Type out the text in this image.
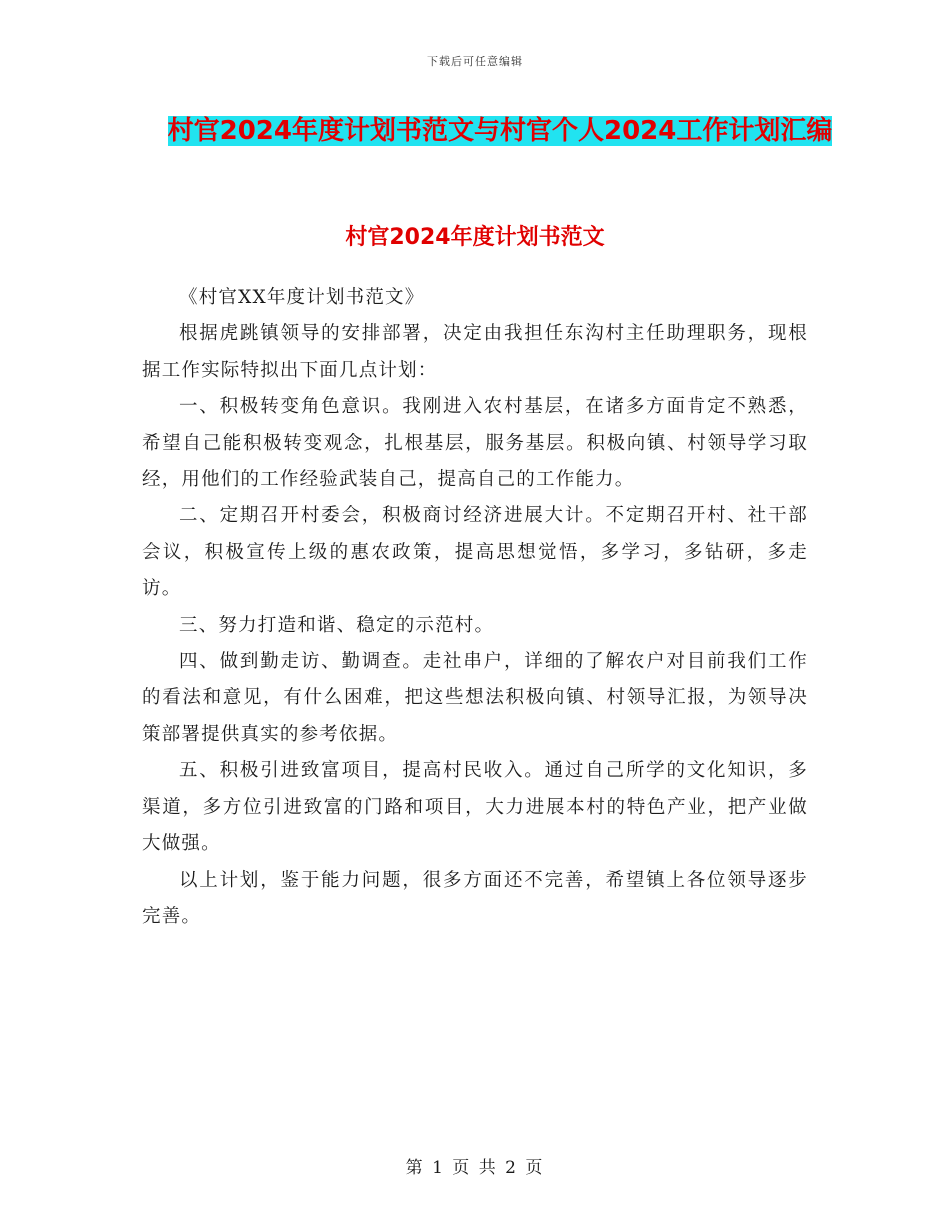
下载后可任意编辑
村官2024年度计划书范文与村官个人2024工作计划汇编
村官2024年度计划书范文

《村官XX年度计划书范文》

根据虎跳镇领导的安排部署，决定由我担任东沟村主任助理职务，现根据工作实际特拟出下面几点计划：

一、积极转变角色意识。我刚进入农村基层，在诸多方面肯定不熟悉，希望自己能积极转变观念，扎根基层，服务基层。积极向镇、村领导学习取经，用他们的工作经验武装自己，提高自己的工作能力。

二、定期召开村委会，积极商讨经济进展大计。不定期召开村、社干部会议，积极宣传上级的惠农政策，提高思想觉悟，多学习，多钻研，多走访。

三、努力打造和谐、稳定的示范村。

四、做到勤走访、勤调查。走社串户，详细的了解农户对目前我们工作的看法和意见，有什么困难，把这些想法积极向镇、村领导汇报，为领导决策部署提供真实的参考依据。

五、积极引进致富项目，提高村民收入。通过自己所学的文化知识，多渠道，多方位引进致富的门路和项目，大力进展本村的特色产业，把产业做大做强。

以上计划，鉴于能力问题，很多方面还不完善，希望镇上各位领导逐步完善。

第 1 页 共 2 页
